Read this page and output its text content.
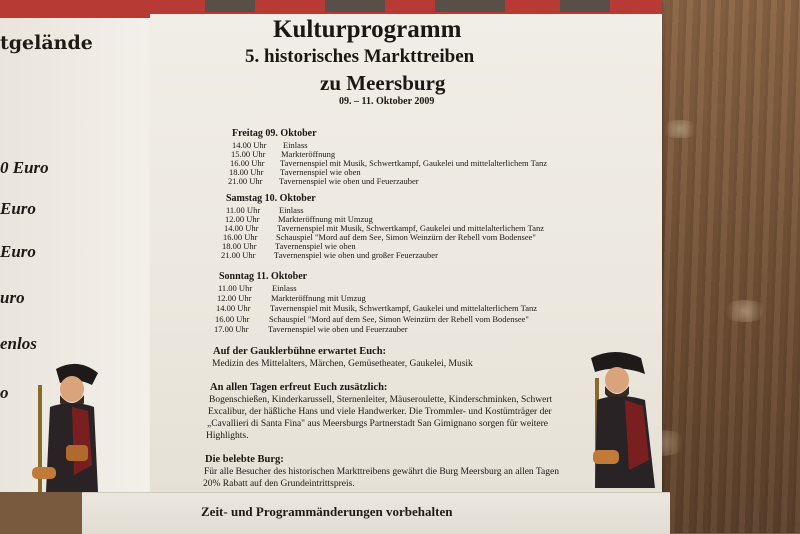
tgelände
0 Euro
Euro
Euro
uro
enlos
o
Kulturprogramm
5. historisches Markttreiben
zu Meersburg
09. – 11. Oktober 2009
Freitag 09. Oktober
14.00 Uhr Einlass
15.00 Uhr Markteröffnung
16.00 Uhr Tavernenspiel mit Musik, Schwertkampf, Gaukelei und mittelalterlichem Tanz
18.00 Uhr Tavernenspiel wie oben
21.00 Uhr Tavernenspiel wie oben und Feuerzauber
Samstag 10. Oktober
11.00 Uhr Einlass
12.00 Uhr Markteröffnung mit Umzug
14.00 Uhr Tavernenspiel mit Musik, Schwertkampf, Gaukelei und mittelalterlichem Tanz
16.00 Uhr Schauspiel "Mord auf dem See, Simon Weinzürn der Rebell vom Bodensee"
18.00 Uhr Tavernenspiel wie oben
21.00 Uhr Tavernenspiel wie oben und großer Feuerzauber
Sonntag 11. Oktober
11.00 Uhr Einlass
12.00 Uhr Markteröffnung mit Umzug
14.00 Uhr Tavernenspiel mit Musik, Schwertkampf, Gaukelei und mittelalterlichem Tanz
16.00 Uhr Schauspiel "Mord auf dem See, Simon Weinzürn der Rebell vom Bodensee"
17.00 Uhr Tavernenspiel wie oben und Feuerzauber
Auf der Gauklerbühne erwartet Euch:
Medizin des Mittelalters, Märchen, Gemüsetheater, Gaukelei, Musik
An allen Tagen erfreut Euch zusätzlich:
Bogenschießen, Kinderkarussell, Sternenleiter, Mäuseroulette, Kinderschminken, Schwert
Excalibur, der häßliche Hans und viele Handwerker. Die Trommler- und Kostümträger der
„Cavallieri di Santa Fina" aus Meersburgs Partnerstadt San Gimignano sorgen für weitere
Highlights.
Die belebte Burg:
Für alle Besucher des historischen Markttreibens gewährt die Burg Meersburg an allen Tagen
20% Rabatt auf den Grundeintrittspreis.
Zeit- und Programmänderungen vorbehalten
